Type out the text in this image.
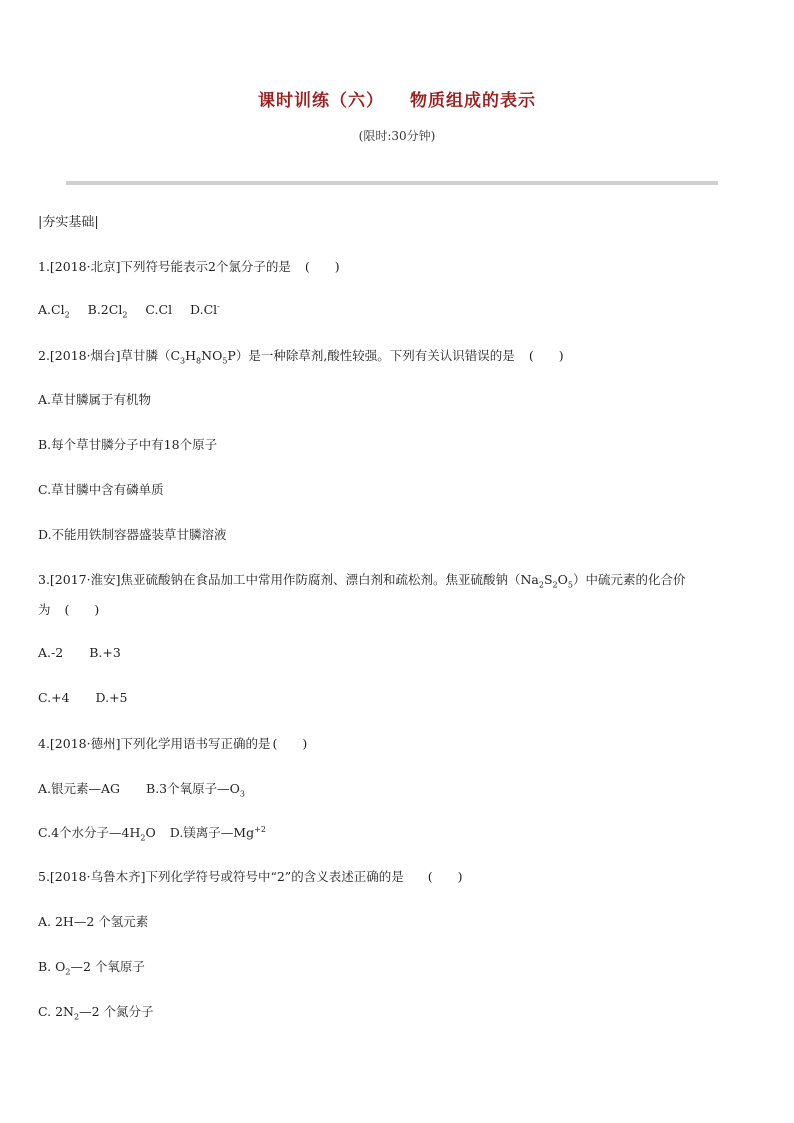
课时训练（六） 物质组成的表示
(限时:30分钟)
|夯实基础|
1.[2018·北京]下列符号能表示2个氯分子的是 (　　)
$A.Cl_2$ $B.2Cl_2$ C.Cl D.Cl-
2.[2018·烟台]草甘膦$(C_3H_8NO_5P)$是一种除草剂,酸性较强。下列有关认识错误的是 (　　)
A.草甘膦属于有机物
B.每个草甘膦分子中有18个原子
C.草甘膦中含有磷单质
D.不能用铁制容器盛装草甘膦溶液
3.[2017·淮安]焦亚硫酸钠在食品加工中常用作防腐剂、漂白剂和疏松剂。焦亚硫酸钠$(Na_2S_2O_5)$中硫元素的化合价
为 (　　)
A.-2 B.+3
C.+4 D.+5
4.[2018·德州]下列化学用语书写正确的是 (　　)
A.银元素—AG B.3个氧原子$—O_3$
C.4个水分子$—4H_2O$ D.镁离子$—Mg^{+2}$
5.[2018·乌鲁木齐]下列化学符号或符号中“2”的含义表述正确的是 (　　)
A. 2H—2 个氢元素
B. $O_2—2$ 个氧原子
C. $2N_2—2$ 个氮分子
